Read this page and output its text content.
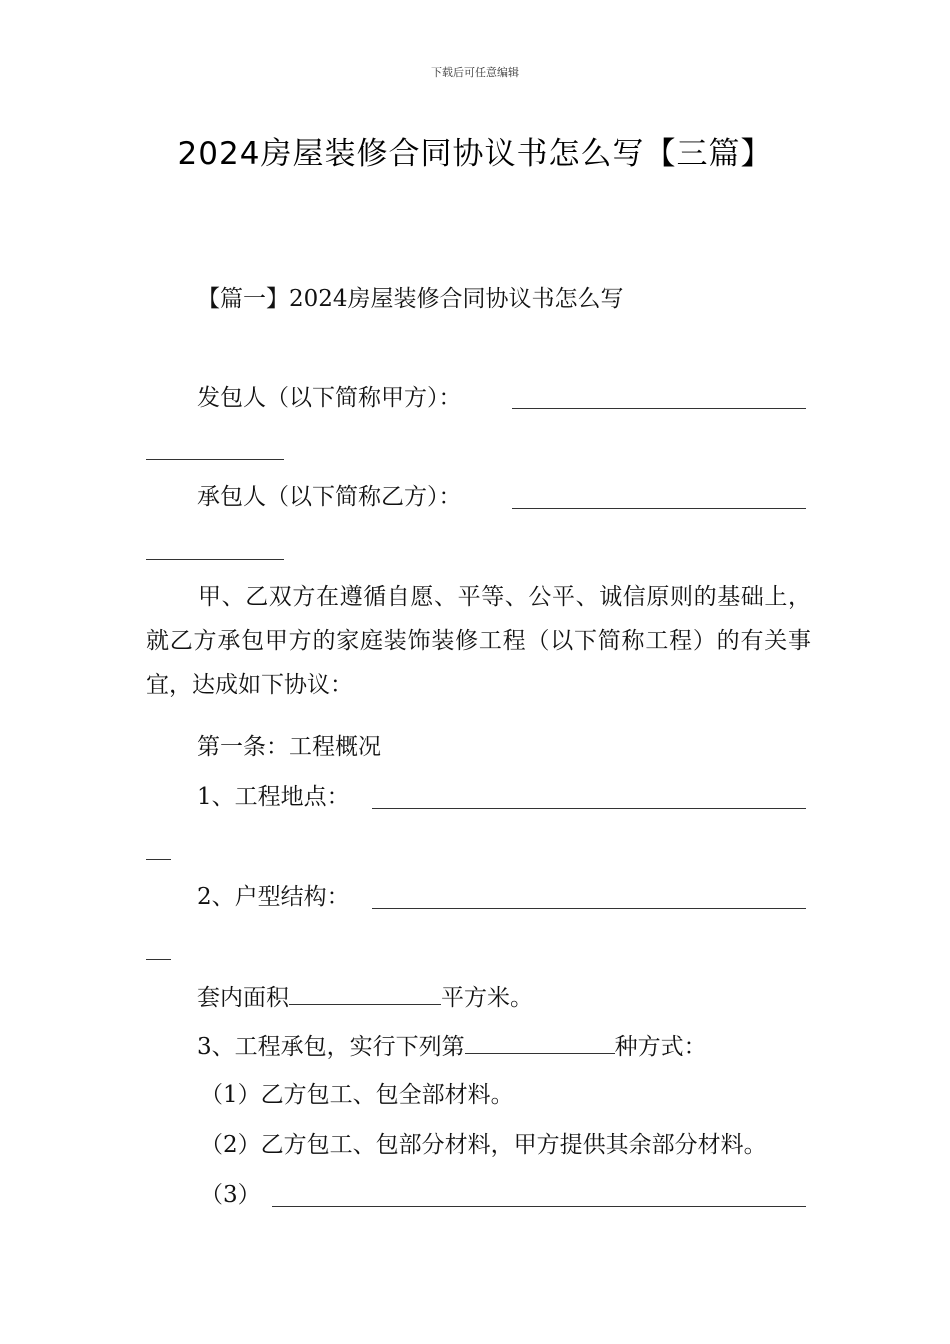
下载后可任意编辑
2024房屋装修合同协议书怎么写【三篇】
【篇一】2024房屋装修合同协议书怎么写
发包人（以下简称甲方）：
承包人（以下简称乙方）：
甲、乙双方在遵循自愿、平等、公平、诚信原则的基础上，就乙方承包甲方的家庭装饰装修工程（以下简称工程）的有关事宜，达成如下协议：
第一条：工程概况
1、工程地点：
2、户型结构：
套内面积	平方米。
3、工程承包，实行下列第	种方式：
（1）乙方包工、包全部材料。
（2）乙方包工、包部分材料，甲方提供其余部分材料。
（3）
